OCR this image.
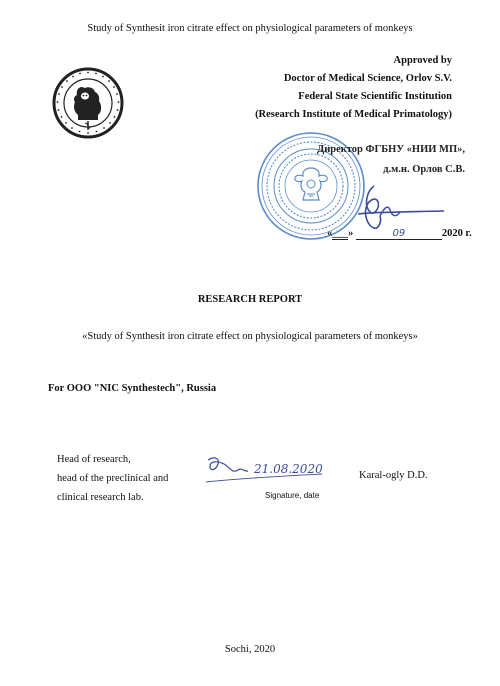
Study of Synthesit iron citrate effect on physiological parameters of monkeys
Approved by
Doctor of Medical Science, Orlov S.V.
Federal State Scientific Institution
(Research Institute of Medical Primatology)
Директор ФГБНУ «НИИ МП»,
д.м.н. Орлов С.В.
«___»	09	2020 г.
RESEARCH REPORT
«Study of Synthesit iron citrate effect on physiological parameters of monkeys»
For OOO "NIC Synthestech", Russia
Head of research,
head of the preclinical and
clinical research lab.
21.08.2020	Karal-ogly D.D.
Signature, date
Sochi, 2020
